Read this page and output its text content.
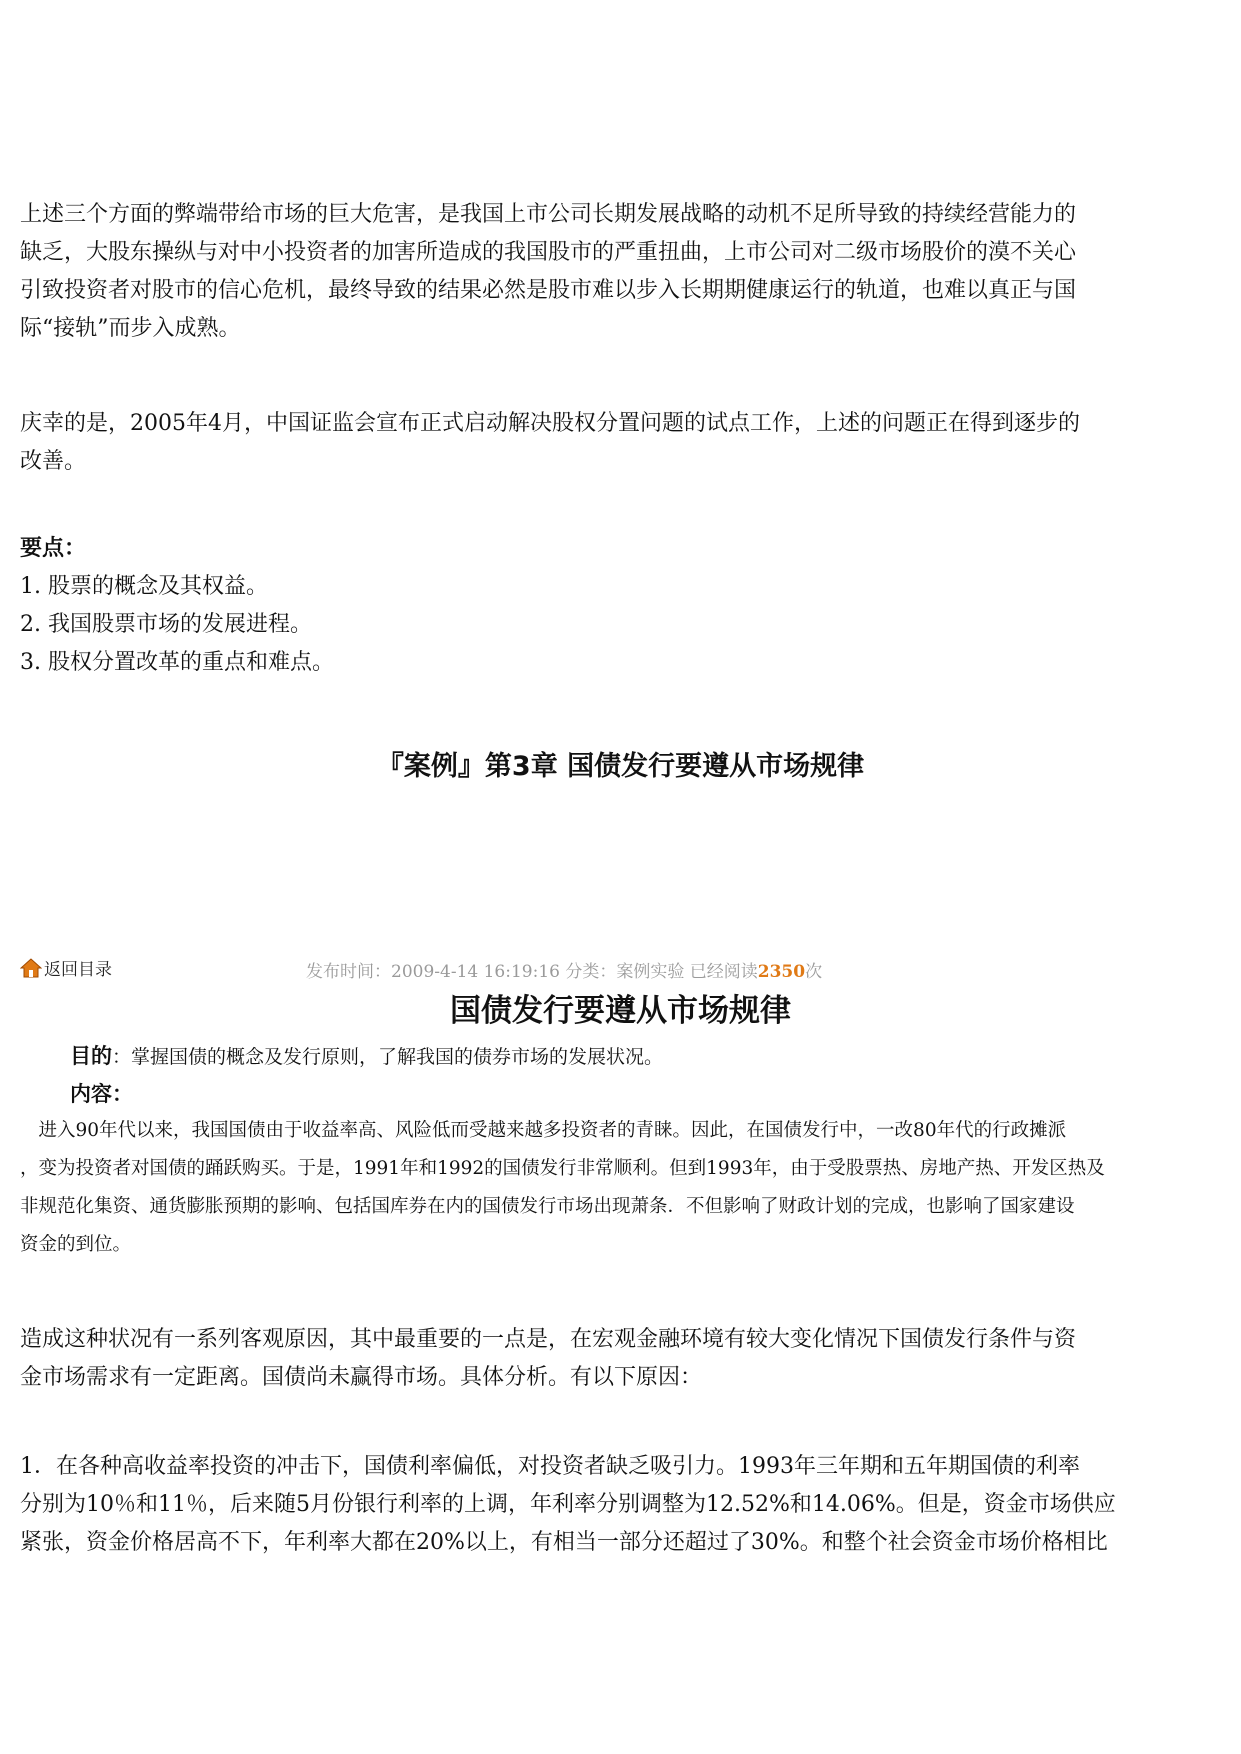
上述三个方面的弊端带给市场的巨大危害，是我国上市公司长期发展战略的动机不足所导致的持续经营能力的
缺乏，大股东操纵与对中小投资者的加害所造成的我国股市的严重扭曲，上市公司对二级市场股价的漠不关心
引致投资者对股市的信心危机，最终导致的结果必然是股市难以步入长期期健康运行的轨道，也难以真正与国
际“接轨”而步入成熟。
庆幸的是，2005年4月，中国证监会宣布正式启动解决股权分置问题的试点工作，上述的问题正在得到逐步的
改善。
要点：
1. 股票的概念及其权益。
2. 我国股票市场的发展进程。
3. 股权分置改革的重点和难点。
『案例』第3章 国债发行要遵从市场规律
返回目录	发布时间：2009-4-14 16:19:16 分类：案例实验 已经阅读2350次
国债发行要遵从市场规律
目的：掌握国债的概念及发行原则，了解我国的债券市场的发展状况。
内容：
　进入90年代以来，我国国债由于收益率高、风险低而受越来越多投资者的青睐。因此，在国债发行中，一改80年代的行政摊派
，变为投资者对国债的踊跃购买。于是，1991年和1992的国债发行非常顺利。但到1993年，由于受股票热、房地产热、开发区热及
非规范化集资、通货膨胀预期的影响、包括国库券在内的国债发行市场出现萧条．不但影响了财政计划的完成，也影响了国家建设
资金的到位。
造成这种状况有一系列客观原因，其中最重要的一点是，在宏观金融环境有较大变化情况下国债发行条件与资
金市场需求有一定距离。国债尚未赢得市场。具体分析。有以下原因：
1．在各种高收益率投资的冲击下，国债利率偏低，对投资者缺乏吸引力。1993年三年期和五年期国债的利率
分别为10％和11％，后来随5月份银行利率的上调，年利率分别调整为12.52%和14.06%。但是，资金市场供应
紧张，资金价格居高不下，年利率大都在20%以上，有相当一部分还超过了30%。和整个社会资金市场价格相比
